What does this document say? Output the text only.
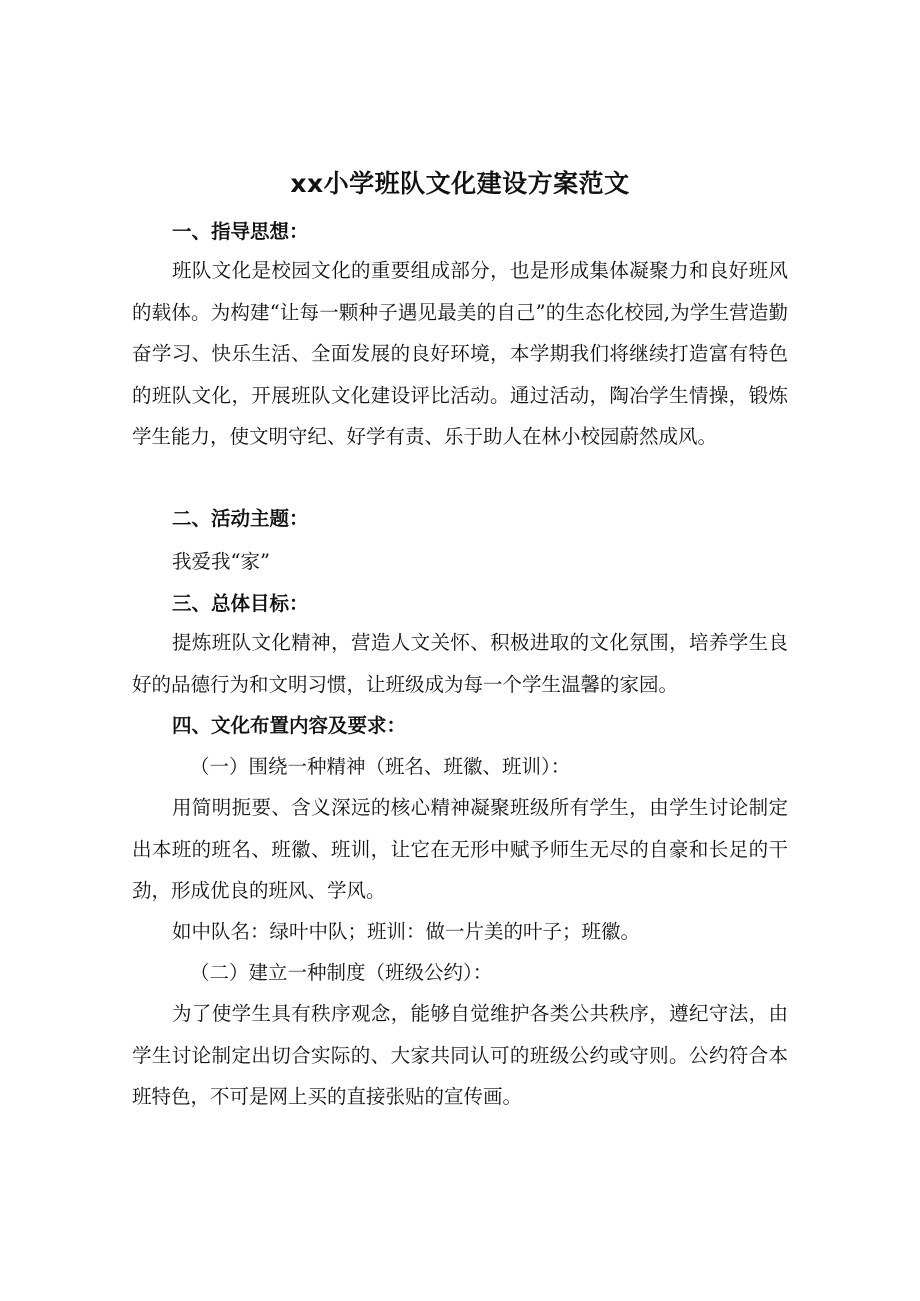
xx小学班队文化建设方案范文

一、指导思想：

班队文化是校园文化的重要组成部分，也是形成集体凝聚力和良好班风的载体。为构建“让每一颗种子遇见最美的自己”的生态化校园,为学生营造勤奋学习、快乐生活、全面发展的良好环境，本学期我们将继续打造富有特色的班队文化，开展班队文化建设评比活动。通过活动，陶冶学生情操，锻炼学生能力，使文明守纪、好学有责、乐于助人在林小校园蔚然成风。

二、活动主题：

我爱我“家”

三、总体目标：

提炼班队文化精神，营造人文关怀、积极进取的文化氛围，培养学生良好的品德行为和文明习惯，让班级成为每一个学生温馨的家园。

四、文化布置内容及要求：

（一）围绕一种精神（班名、班徽、班训）：

用简明扼要、含义深远的核心精神凝聚班级所有学生，由学生讨论制定出本班的班名、班徽、班训，让它在无形中赋予师生无尽的自豪和长足的干劲，形成优良的班风、学风。

如中队名：绿叶中队；班训：做一片美的叶子；班徽。

（二）建立一种制度（班级公约）：

为了使学生具有秩序观念，能够自觉维护各类公共秩序，遵纪守法，由学生讨论制定出切合实际的、大家共同认可的班级公约或守则。公约符合本班特色，不可是网上买的直接张贴的宣传画。
